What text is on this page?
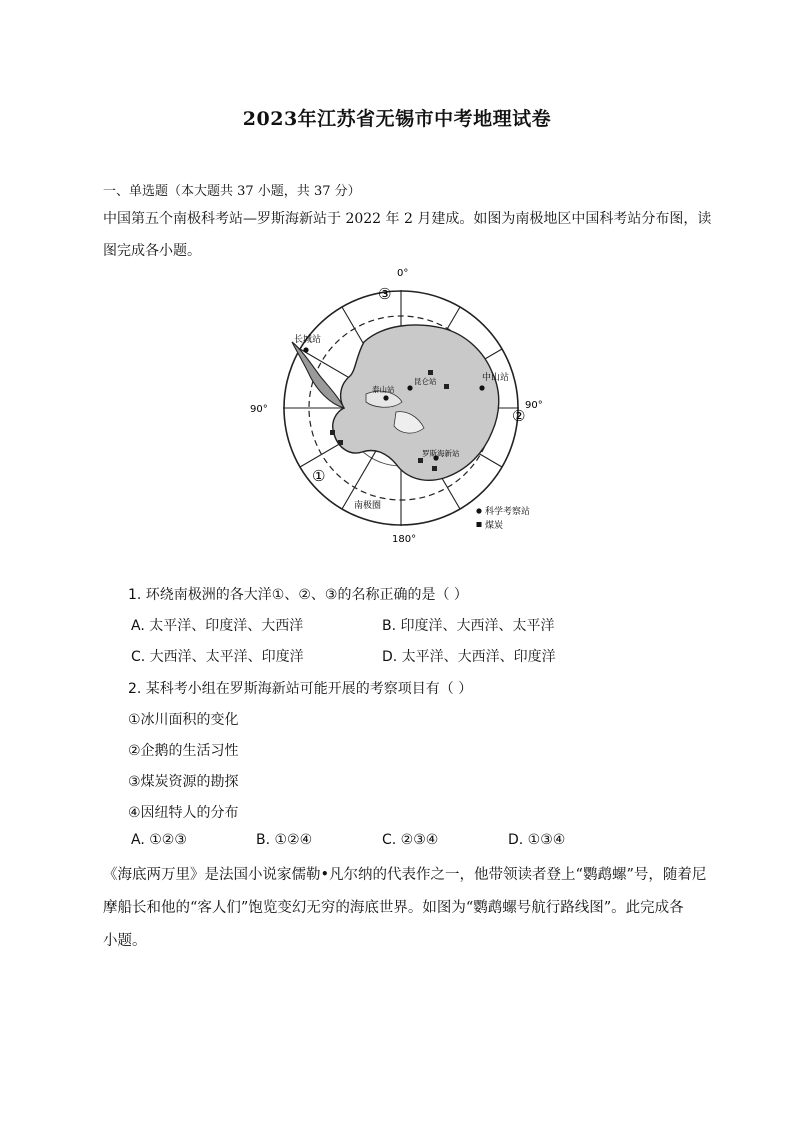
2023年江苏省无锡市中考地理试卷
一、单选题（本大题共 37 小题，共 37 分）
中国第五个南极科考站—罗斯海新站于 2022 年 2 月建成。如图为南极地区中国科考站分布图，读
图完成各小题。
0°
90°	90°
180°
③
②
①
长城站
中山站
昆仑站
泰山站
罗斯海新站
南极圈
科学考察站
煤炭
1. 环绕南极洲的各大洋①、②、③的名称正确的是（ ）
A. 太平洋、印度洋、大西洋	B. 印度洋、大西洋、太平洋
C. 大西洋、太平洋、印度洋	D. 太平洋、大西洋、印度洋
2. 某科考小组在罗斯海新站可能开展的考察项目有（ ）
①冰川面积的变化
②企鹅的生活习性
③煤炭资源的勘探
④因纽特人的分布
A. ①②③	B. ①②④	C. ②③④	D. ①③④
《海底两万里》是法国小说家儒勒•凡尔纳的代表作之一，他带领读者登上“鹦鹉螺”号，随着尼
摩船长和他的“客人们”饱览变幻无穷的海底世界。如图为“鹦鹉螺号航行路线图”。此完成各
小题。
